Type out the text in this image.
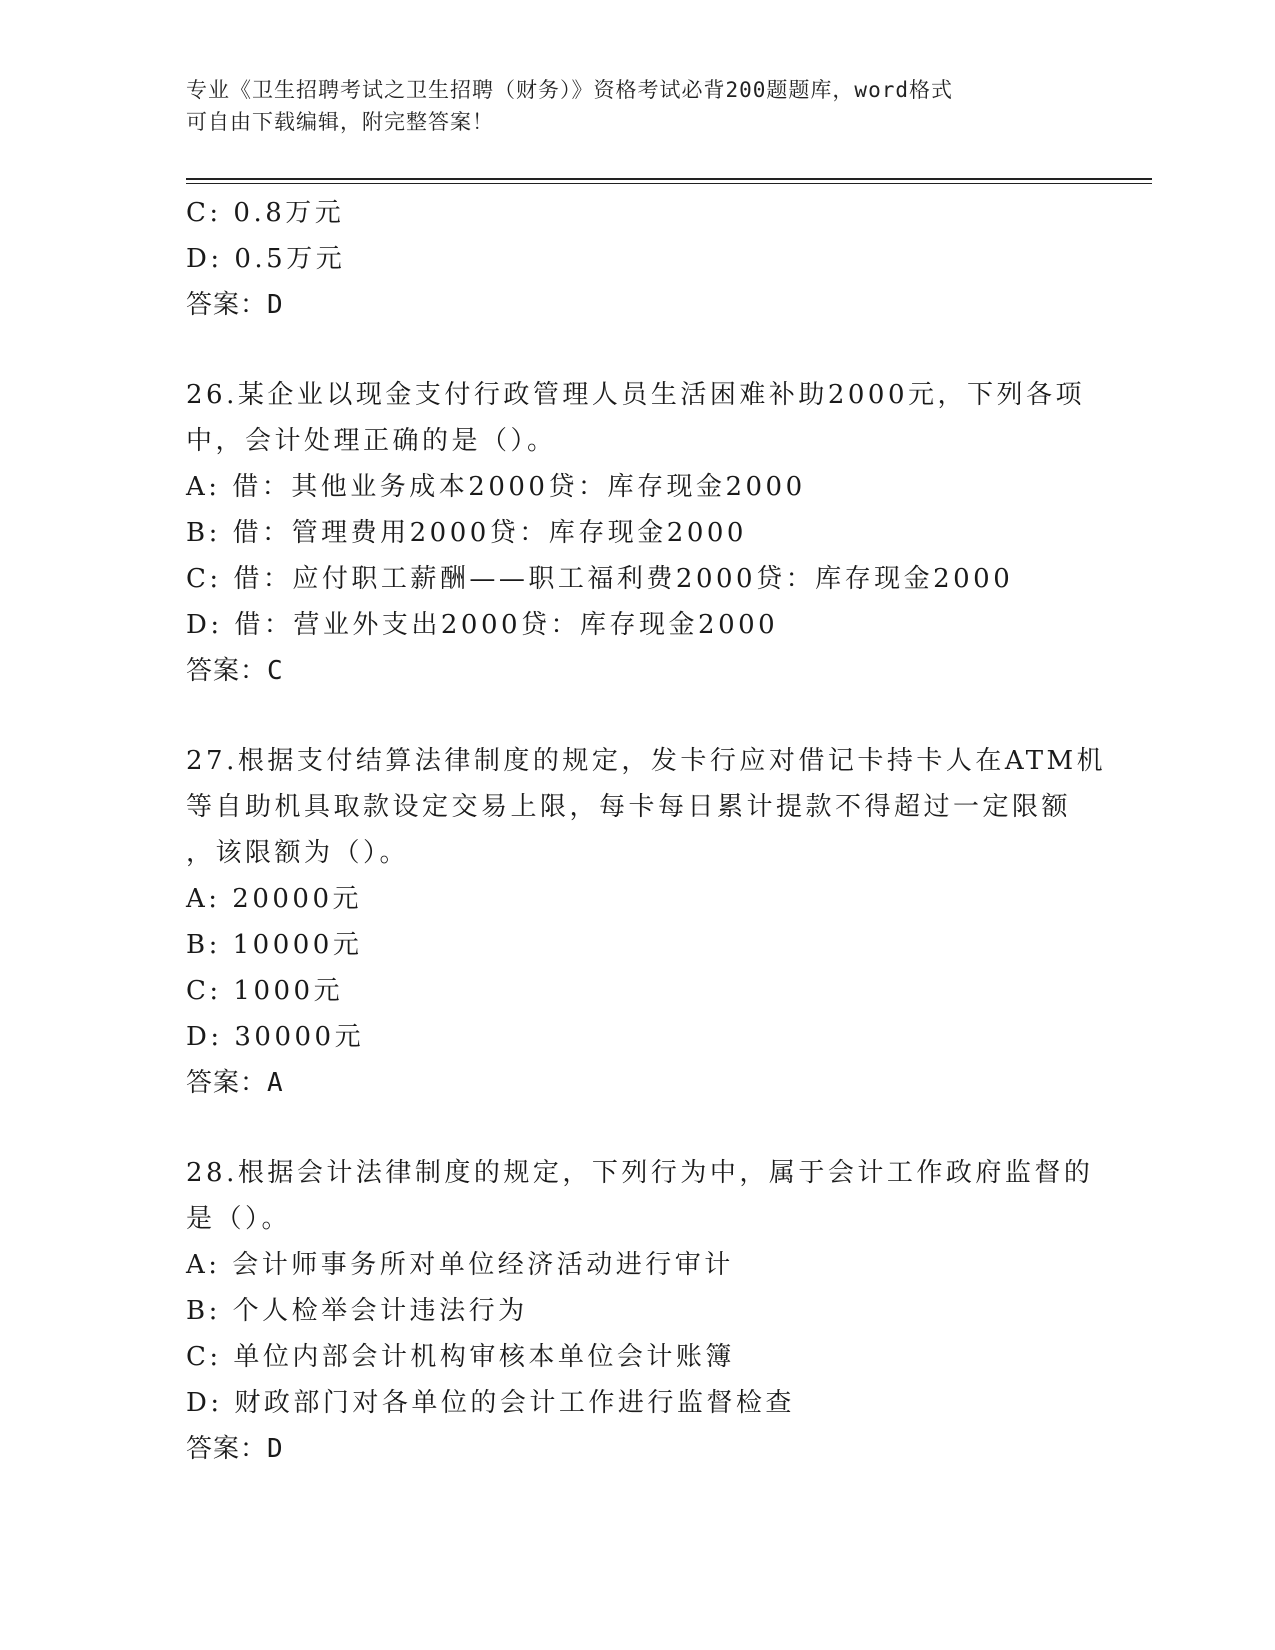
专业《卫生招聘考试之卫生招聘（财务）》资格考试必背200题题库，word格式
可自由下载编辑，附完整答案！
C: 0.8万元
D: 0.5万元
答案：D
26.某企业以现金支付行政管理人员生活困难补助2000元，下列各项
中，会计处理正确的是（）。
A: 借：其他业务成本2000贷：库存现金2000
B: 借：管理费用2000贷：库存现金2000
C: 借：应付职工薪酬——职工福利费2000贷：库存现金2000
D: 借：营业外支出2000贷：库存现金2000
答案：C
27.根据支付结算法律制度的规定，发卡行应对借记卡持卡人在ATM机
等自助机具取款设定交易上限，每卡每日累计提款不得超过一定限额
，该限额为（）。
A: 20000元
B: 10000元
C: 1000元
D: 30000元
答案：A
28.根据会计法律制度的规定，下列行为中，属于会计工作政府监督的
是（）。
A: 会计师事务所对单位经济活动进行审计
B: 个人检举会计违法行为
C: 单位内部会计机构审核本单位会计账簿
D: 财政部门对各单位的会计工作进行监督检查
答案：D
